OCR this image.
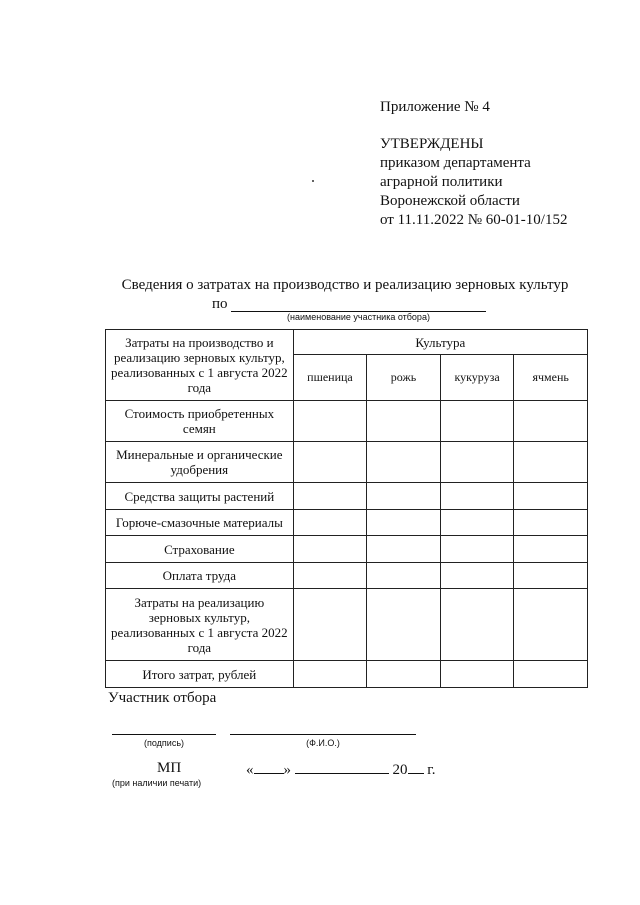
Приложение № 4
УТВЕРЖДЕНЫ
приказом департамента
аграрной политики
Воронежской области
от 11.11.2022 № 60-01-10/152
Сведения о затратах на производство и реализацию зерновых культур
по
(наименование участника отбора)
Затраты на производство и реализацию зерновых культур, реализованных с 1 августа 2022 года	Культура			
	пшеница	рожь	кукуруза	ячмень
Стоимость приобретенных семян				
Минеральные и органические удобрения				
Средства защиты растений				
Горюче-смазочные материалы				
Страхование				
Оплата труда				
Затраты на реализацию зерновых культур, реализованных с 1 августа 2022 года				
Итого затрат, рублей				
Участник отбора
(подпись)	(Ф.И.О.)
МП
(при наличии печати)
« »	20 г.
